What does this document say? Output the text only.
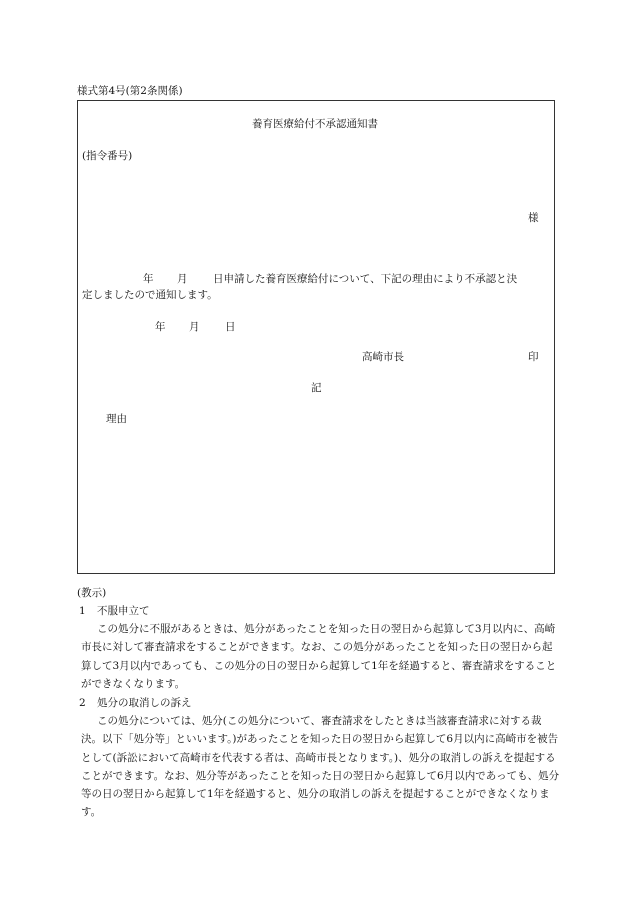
様式第4号(第2条関係)
養育医療給付不承認通知書
(指令番号)
様
年 月 日申請した養育医療給付について、下記の理由により不承認と決
定しましたので通知します。
年 月 日
高崎市長	印
記
理由
(教示)
1 不服申立て
この処分に不服があるときは、処分があったことを知った日の翌日から起算して3月以内に、高崎市長に対して審査請求をすることができます。なお、この処分があったことを知った日の翌日から起算して3月以内であっても、この処分の日の翌日から起算して1年を経過すると、審査請求をすることができなくなります。
2 処分の取消しの訴え
この処分については、処分(この処分について、審査請求をしたときは当該審査請求に対する裁決。以下「処分等」といいます。)があったことを知った日の翌日から起算して6月以内に高崎市を被告として(訴訟において高崎市を代表する者は、高崎市長となります。)、処分の取消しの訴えを提起することができます。なお、処分等があったことを知った日の翌日から起算して6月以内であっても、処分等の日の翌日から起算して1年を経過すると、処分の取消しの訴えを提起することができなくなります。
